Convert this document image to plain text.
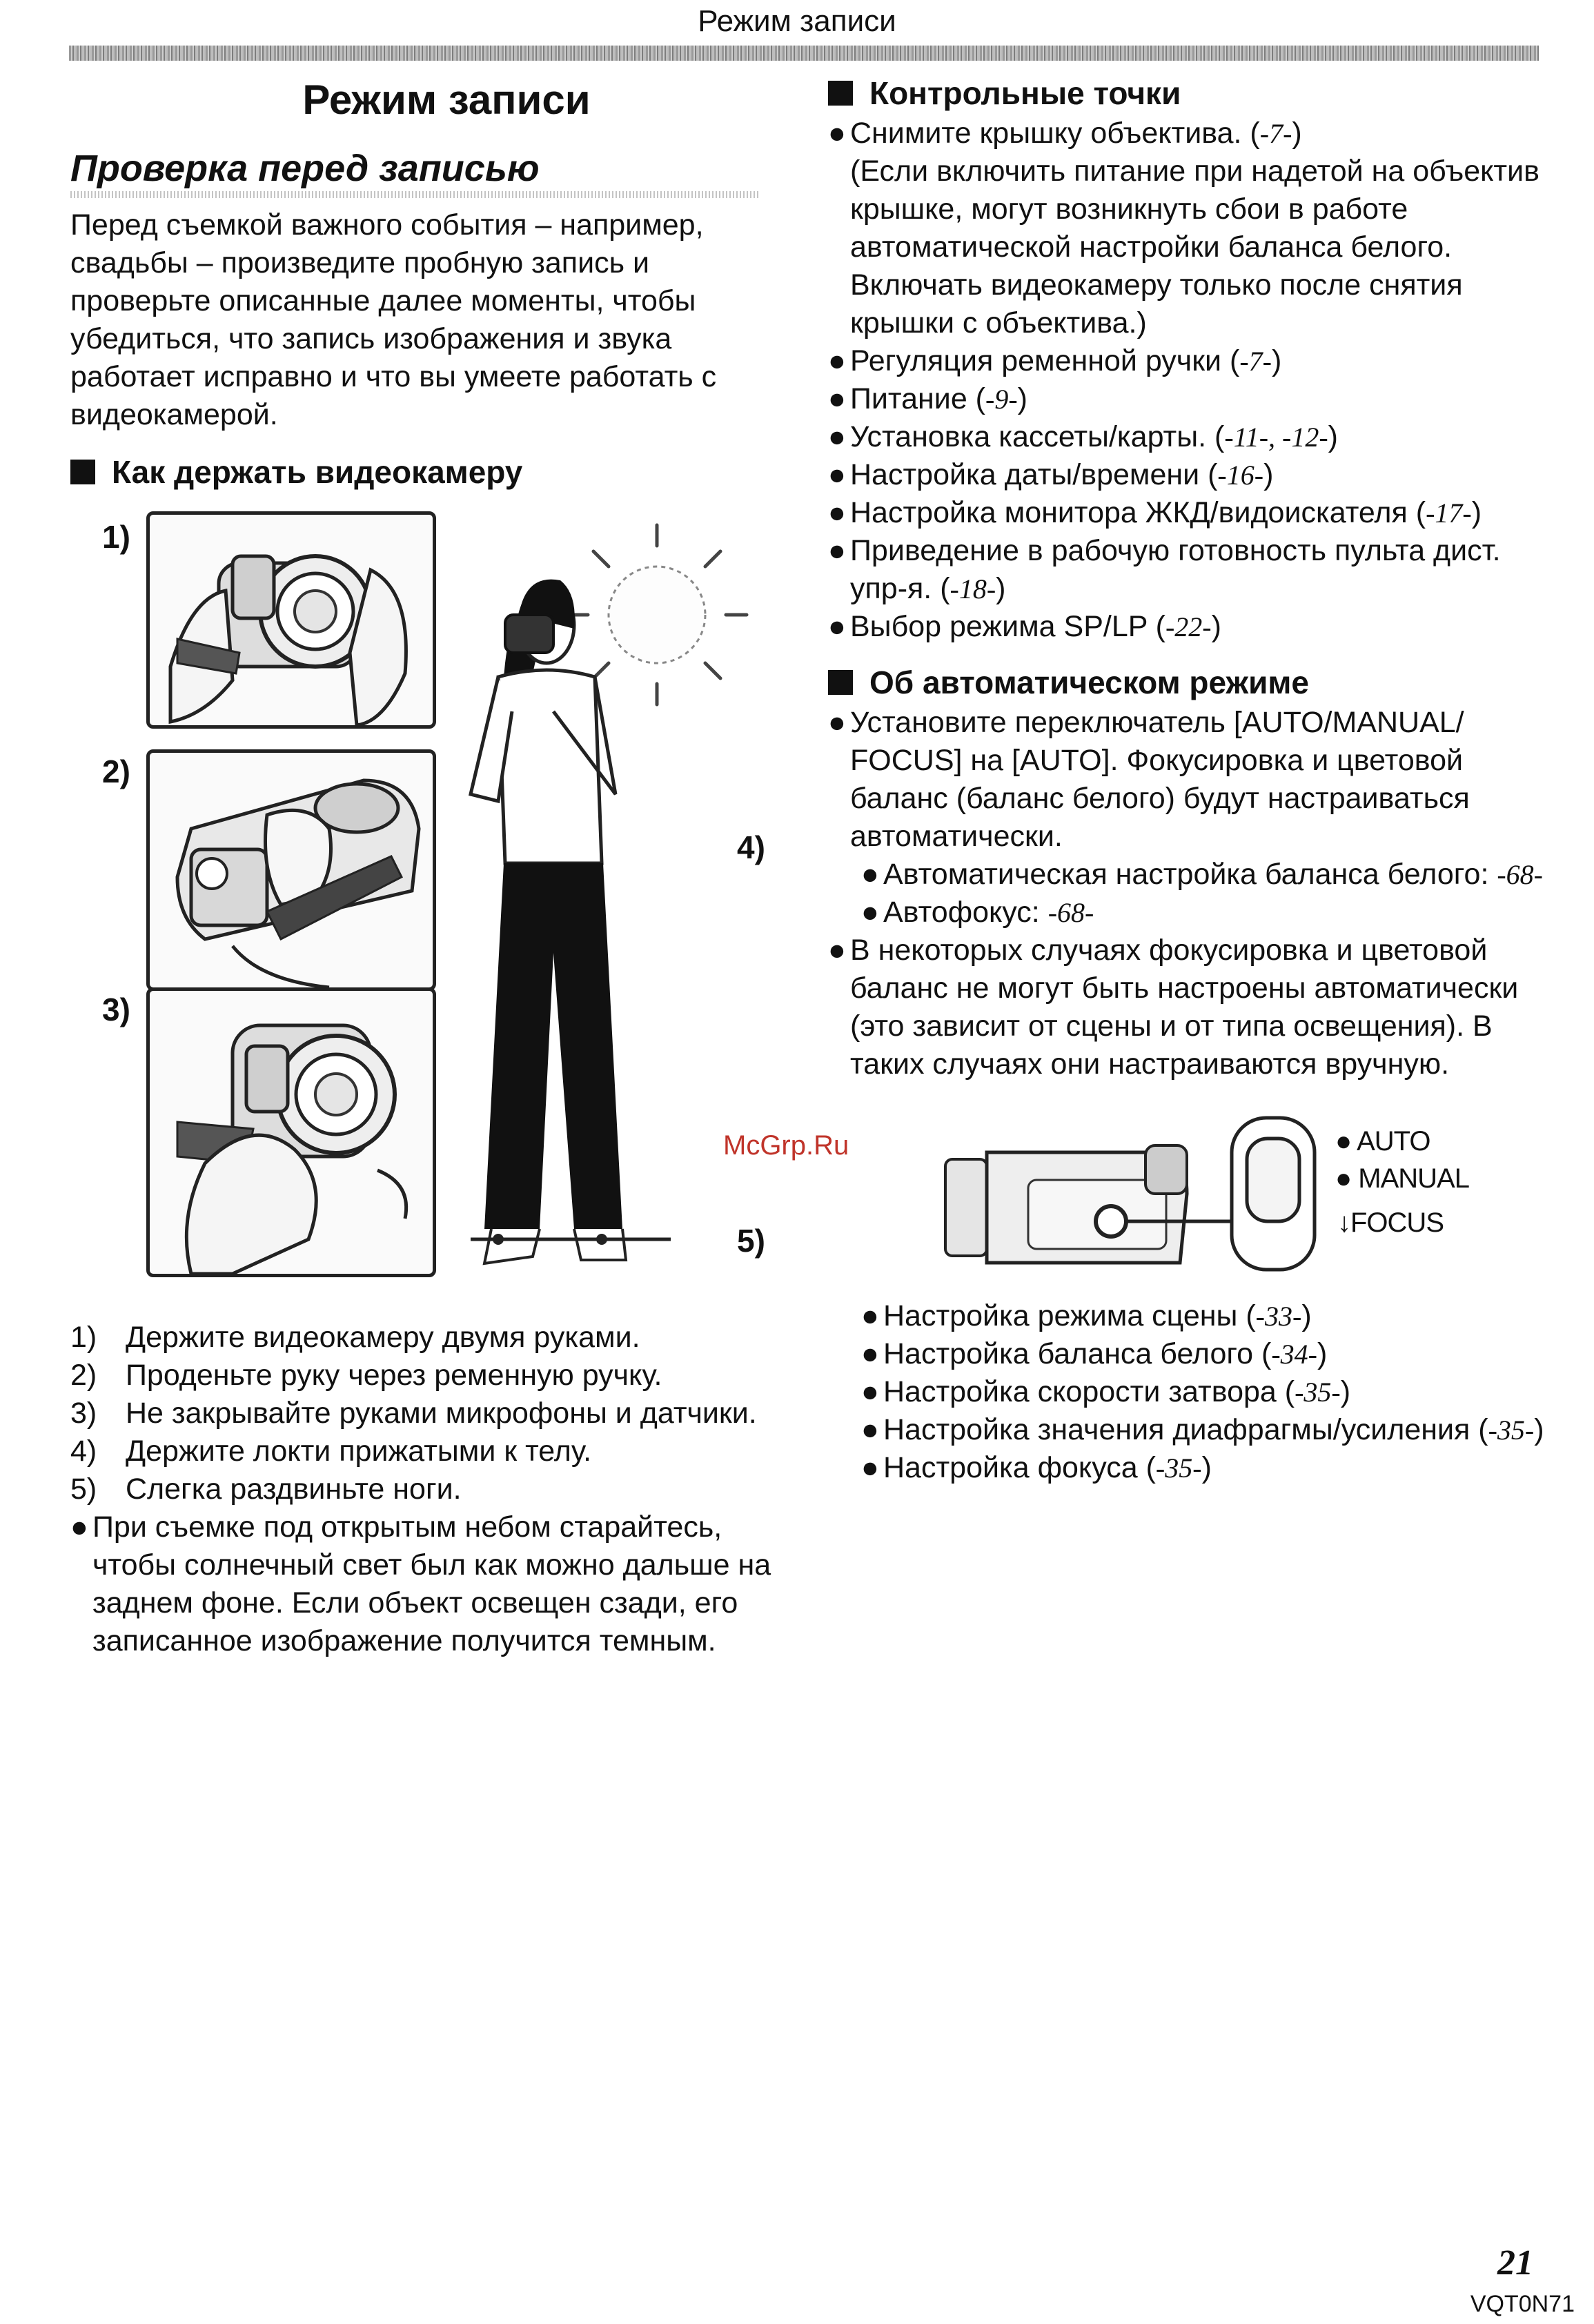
Режим записи
Режим записи
Проверка перед записью

Перед съемкой важного события – например, свадьбы – произведите пробную запись и проверьте описанные далее моменты, чтобы убедиться, что запись изображения и звука работает исправно и что вы умеете работать с видеокамерой.

Как держать видеокамеру
1)
2)
3)
4)
5)
1) Держите видеокамеру двумя руками.
2) Проденьте руку через ременную ручку.
3) Не закрывайте руками микрофоны и датчики.
4) Держите локти прижатыми к телу.
5) Слегка раздвиньте ноги.
● При съемке под открытым небом старайтесь, чтобы солнечный свет был как можно дальше на заднем фоне. Если объект освещен сзади, его записанное изображение получится темным.
Контрольные точки
● Снимите крышку объектива. (-7-)
(Если включить питание при надетой на объектив крышке, могут возникнуть сбои в работе автоматической настройки баланса белого. Включать видеокамеру только после снятия крышки с объектива.)
● Регуляция ременной ручки (-7-)
● Питание (-9-)
● Установка кассеты/карты. (-11-, -12-)
● Настройка даты/времени (-16-)
● Настройка монитора ЖКД/видоискателя (-17-)
● Приведение в рабочую готовность пульта дист. упр-я. (-18-)
● Выбор режима SP/LP (-22-)
Об автоматическом режиме
● Установите переключатель [AUTO/MANUAL/ FOCUS] на [AUTO]. Фокусировка и цветовой баланс (баланс белого) будут настраиваться автоматически.
● Автоматическая настройка баланса белого: -68-
● Автофокус: -68-
● В некоторых случаях фокусировка и цветовой баланс не могут быть настроены автоматически (это зависит от сцены и от типа освещения). В таких случаях они настраиваются вручную.
● AUTO
● MANUAL
↓FOCUS
● Настройка режима сцены (-33-)
● Настройка баланса белого (-34-)
● Настройка скорости затвора (-35-)
● Настройка значения диафрагмы/усиления (-35-)
● Настройка фокуса (-35-)
McGrp.Ru
21
VQT0N71
